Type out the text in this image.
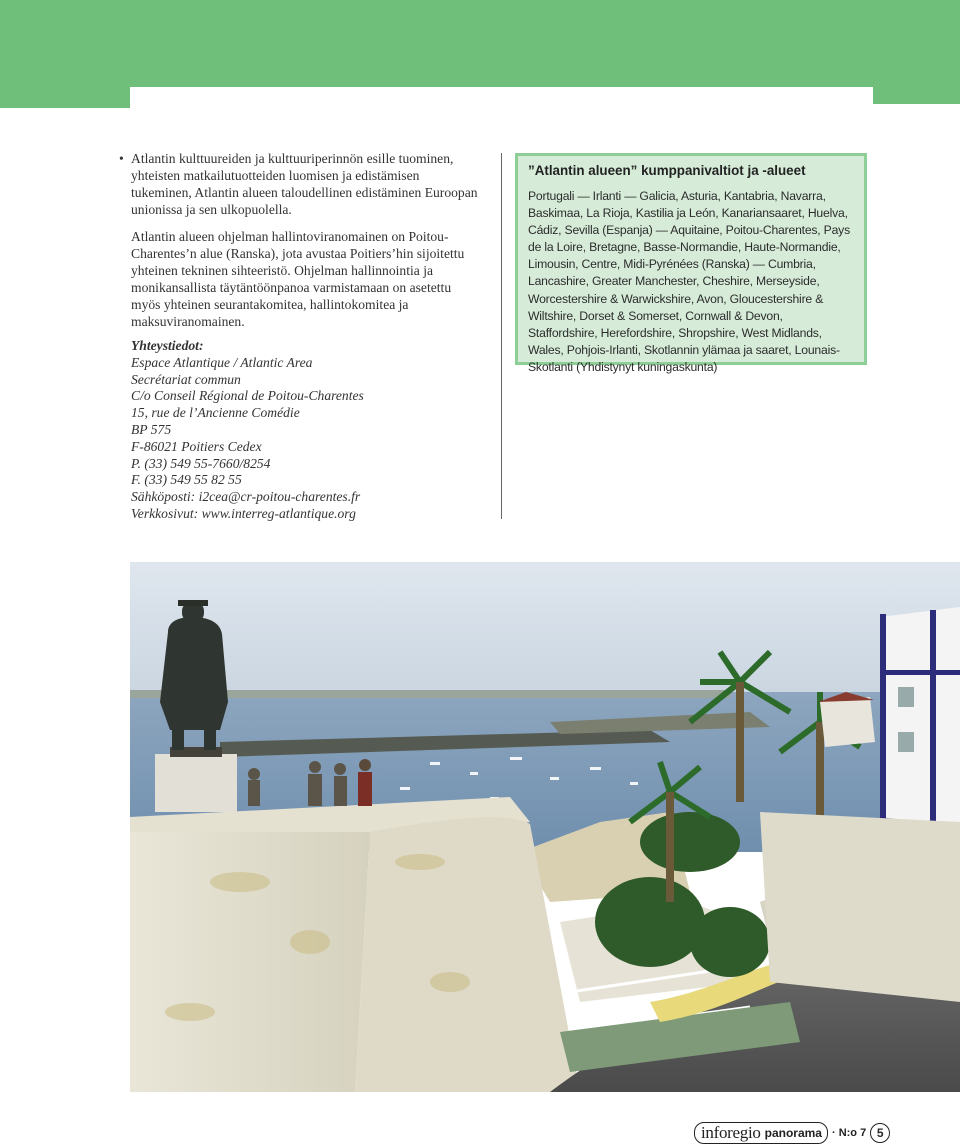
• Atlantin kulttuureiden ja kulttuuriperinnön esille tuominen, yhteisten matkailutuotteiden luomisen ja edistämisen tukeminen, Atlantin alueen taloudellinen edistäminen Euroopan unionissa ja sen ulkopuolella.

Atlantin alueen ohjelman hallintoviranomainen on Poitou-Charentes’n alue (Ranska), jota avustaa Poitiers’hin sijoitettu yhteinen tekninen sihteeristö. Ohjelman hallinnointia ja monikansallista täytäntöönpanoa varmistamaan on asetettu myös yhteinen seurantakomitea, hallintokomitea ja maksuviranomainen.

Yhteystiedot:
Espace Atlantique / Atlantic Area
Secrétariat commun
C/o Conseil Régional de Poitou-Charentes
15, rue de l’Ancienne Comédie
BP 575
F-86021 Poitiers Cedex
P. (33) 549 55-7660/8254
F. (33) 549 55 82 55
Sähköposti: i2cea@cr-poitou-charentes.fr
Verkkosivut: www.interreg-atlantique.org
”Atlantin alueen” kumppanivaltiot ja -alueet
Portugali — Irlanti — Galicia, Asturia, Kantabria, Navarra, Baskimaa, La Rioja, Kastilia ja León, Kanariansaaret, Huelva, Cádiz, Sevilla (Espanja) — Aquitaine, Poitou-Charentes, Pays de la Loire, Bretagne, Basse-Normandie, Haute-Normandie, Limousin, Centre, Midi-Pyrénées (Ranska) — Cumbria, Lancashire, Greater Manchester, Cheshire, Merseyside, Worcestershire & Warwickshire, Avon, Gloucestershire & Wiltshire, Dorset & Somerset, Cornwall & Devon, Staffordshire, Herefordshire, Shropshire, West Midlands, Wales, Pohjois-Irlanti, Skotlannin ylämaa ja saaret, Lounais-Skotlanti (Yhdistynyt kuningaskunta)
inforegio panorama · N:o 7 5
